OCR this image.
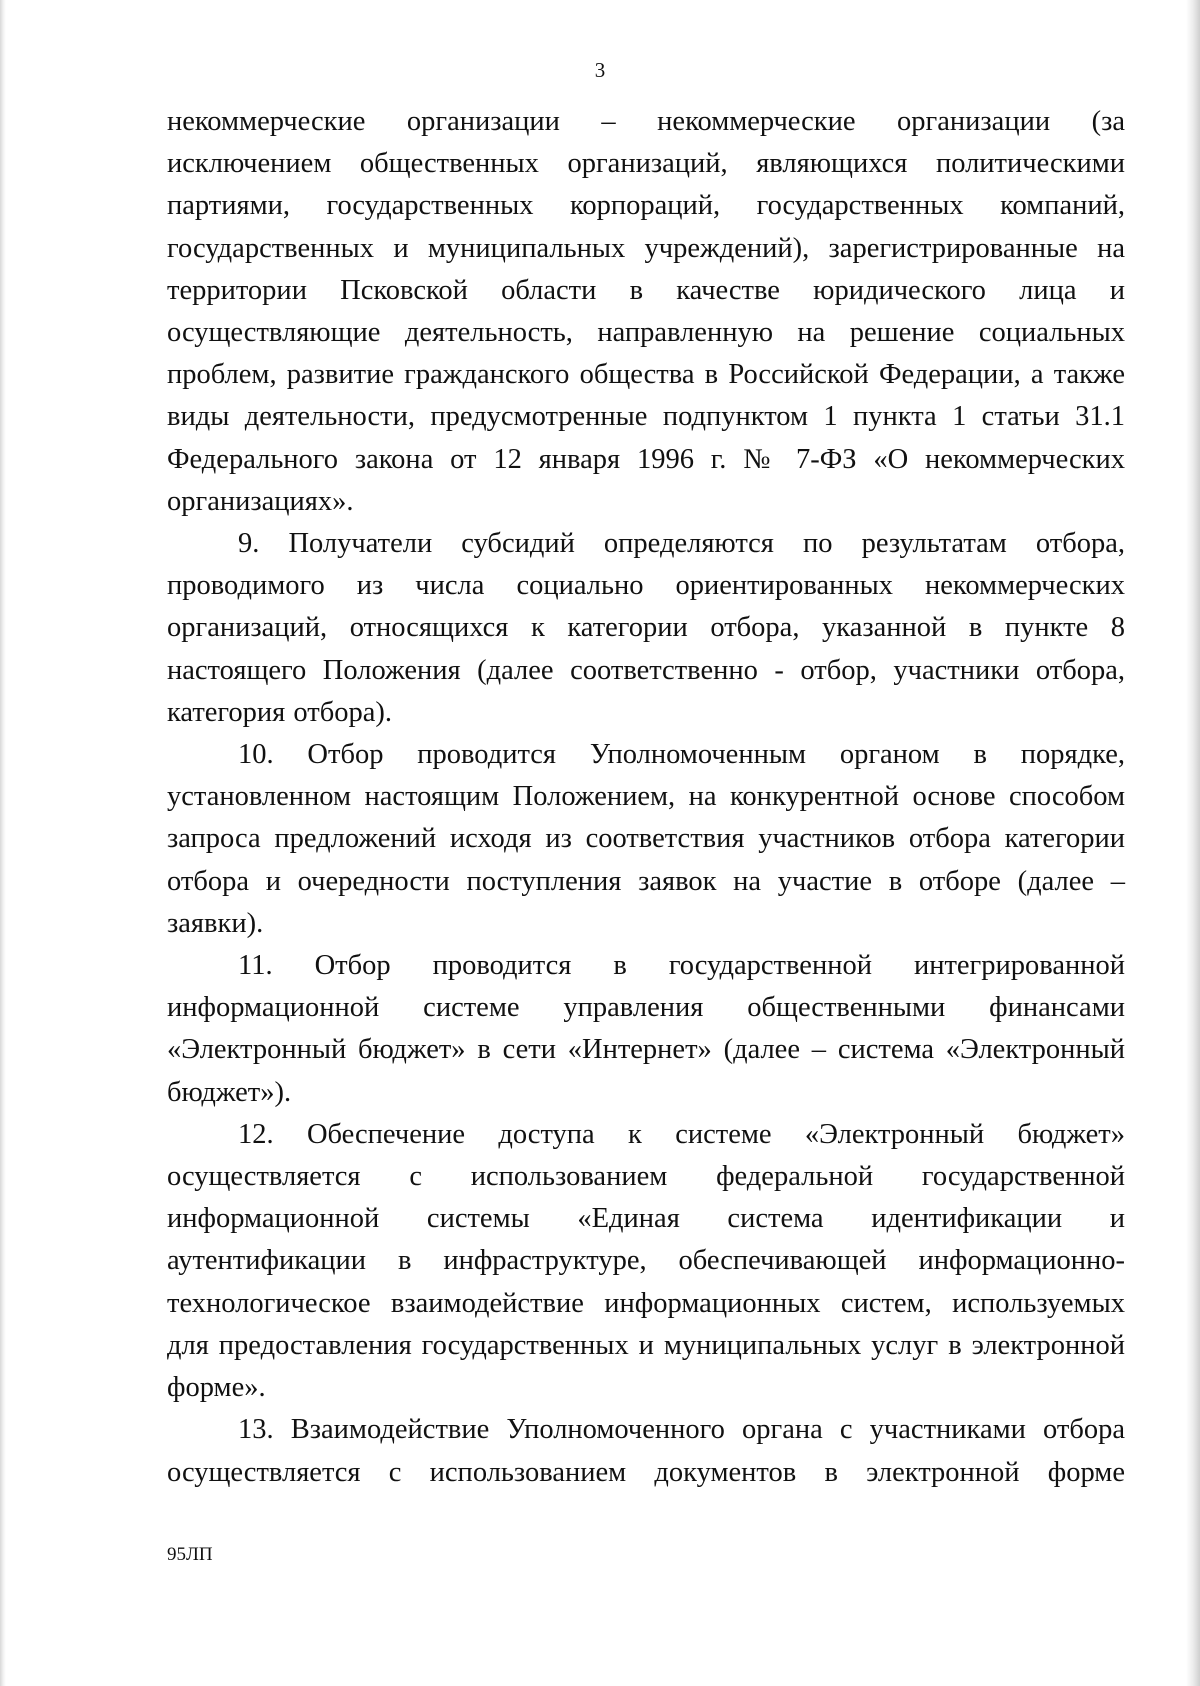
3

некоммерческие организации – некоммерческие организации (за исключением общественных организаций, являющихся политическими партиями, государственных корпораций, государственных компаний, государственных и муниципальных учреждений), зарегистрированные на территории Псковской области в качестве юридического лица и осуществляющие деятельность, направленную на решение социальных проблем, развитие гражданского общества в Российской Федерации, а также виды деятельности, предусмотренные подпунктом 1 пункта 1 статьи 31.1 Федерального закона от 12 января 1996 г. № 7-ФЗ «О некоммерческих организациях».

9. Получатели субсидий определяются по результатам отбора, проводимого из числа социально ориентированных некоммерческих организаций, относящихся к категории отбора, указанной в пункте 8 настоящего Положения (далее соответственно - отбор, участники отбора, категория отбора).

10. Отбор проводится Уполномоченным органом в порядке, установленном настоящим Положением, на конкурентной основе способом запроса предложений исходя из соответствия участников отбора категории отбора и очередности поступления заявок на участие в отборе (далее – заявки).

11. Отбор проводится в государственной интегрированной информационной системе управления общественными финансами «Электронный бюджет» в сети «Интернет» (далее – система «Электронный бюджет»).

12. Обеспечение доступа к системе «Электронный бюджет» осуществляется с использованием федеральной государственной информационной системы «Единая система идентификации и аутентификации в инфраструктуре, обеспечивающей информационно-технологическое взаимодействие информационных систем, используемых для предоставления государственных и муниципальных услуг в электронной форме».

13. Взаимодействие Уполномоченного органа с участниками отбора осуществляется с использованием документов в электронной форме

95ЛП
